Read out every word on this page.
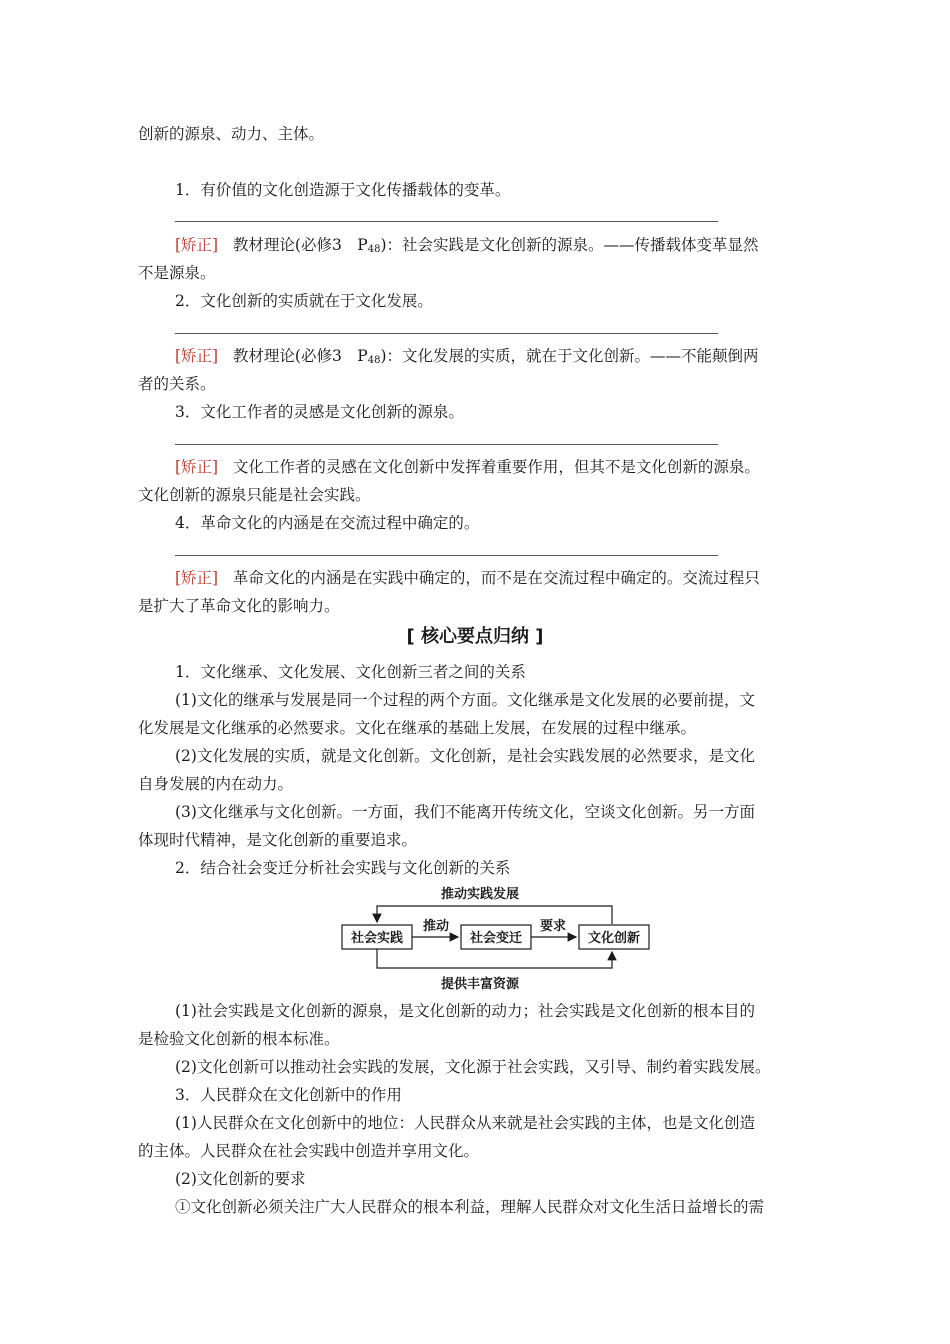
创新的源泉、动力、主体。
1．有价值的文化创造源于文化传播载体的变革。
[矫正] 教材理论(必修3　$P_{48}$)：社会实践是文化创新的源泉。——传播载体变革显然
不是源泉。
2．文化创新的实质就在于文化发展。
[矫正] 教材理论(必修3　$P_{48}$)：文化发展的实质，就在于文化创新。——不能颠倒两
者的关系。
3．文化工作者的灵感是文化创新的源泉。
[矫正] 文化工作者的灵感在文化创新中发挥着重要作用，但其不是文化创新的源泉。
文化创新的源泉只能是社会实践。
4．革命文化的内涵是在交流过程中确定的。
[矫正] 革命文化的内涵是在实践中确定的，而不是在交流过程中确定的。交流过程只
是扩大了革命文化的影响力。
[ 核心要点归纳 ]
1．文化继承、文化发展、文化创新三者之间的关系
(1)文化的继承与发展是同一个过程的两个方面。文化继承是文化发展的必要前提，文
化发展是文化继承的必然要求。文化在继承的基础上发展，在发展的过程中继承。
(2)文化发展的实质，就是文化创新。文化创新，是社会实践发展的必然要求，是文化
自身发展的内在动力。
(3)文化继承与文化创新。一方面，我们不能离开传统文化，空谈文化创新。另一方面
体现时代精神，是文化创新的重要追求。
2．结合社会变迁分析社会实践与文化创新的关系
推动实践发展
社会实践
推动
社会变迁
要求
文化创新
提供丰富资源
(1)社会实践是文化创新的源泉，是文化创新的动力；社会实践是文化创新的根本目的
是检验文化创新的根本标准。
(2)文化创新可以推动社会实践的发展，文化源于社会实践，又引导、制约着实践发展。
3．人民群众在文化创新中的作用
(1)人民群众在文化创新中的地位：人民群众从来就是社会实践的主体，也是文化创造
的主体。人民群众在社会实践中创造并享用文化。
(2)文化创新的要求
①文化创新必须关注广大人民群众的根本利益，理解人民群众对文化生活日益增长的需
